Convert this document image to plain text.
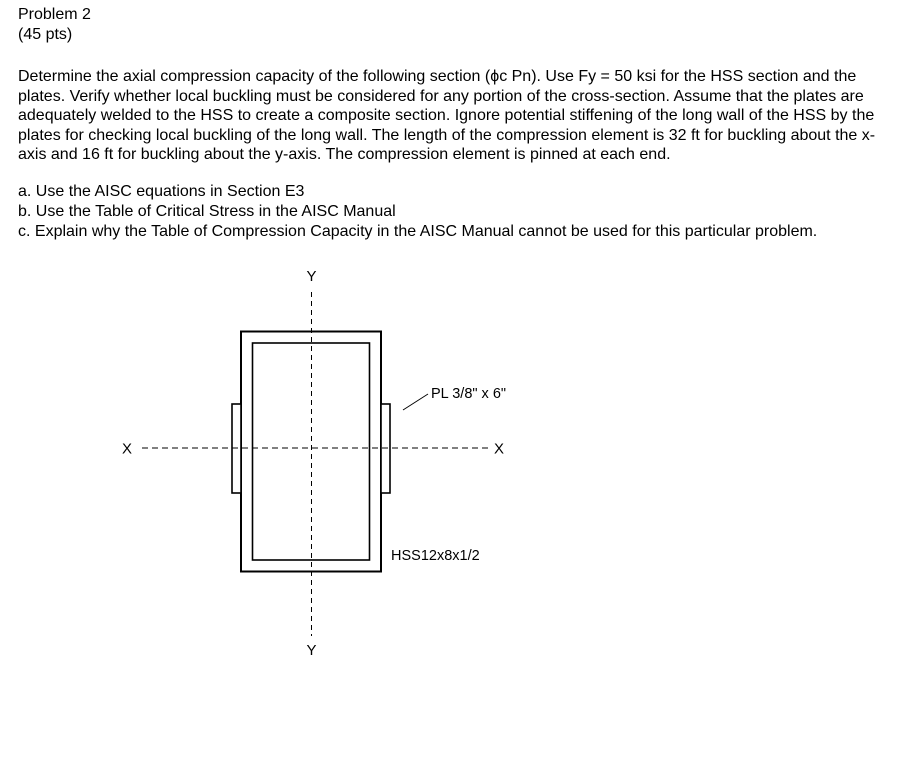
Problem 2

(45 pts)

Determine the axial compression capacity of the following section (ϕc Pn). Use Fy = 50 ksi for the HSS section and the plates. Verify whether local buckling must be considered for any portion of the cross-section. Assume that the plates are adequately welded to the HSS to create a composite section. Ignore potential stiffening of the long wall of the HSS by the plates for checking local buckling of the long wall. The length of the compression element is 32 ft for buckling about the x-axis and 16 ft for buckling about the y-axis. The compression element is pinned at each end.

a. Use the AISC equations in Section E3
b. Use the Table of Critical Stress in the AISC Manual
c. Explain why the Table of Compression Capacity in the AISC Manual cannot be used for this particular problem.
Y
Y
X	X
PL 3/8" x 6"
HSS12x8x1/2
